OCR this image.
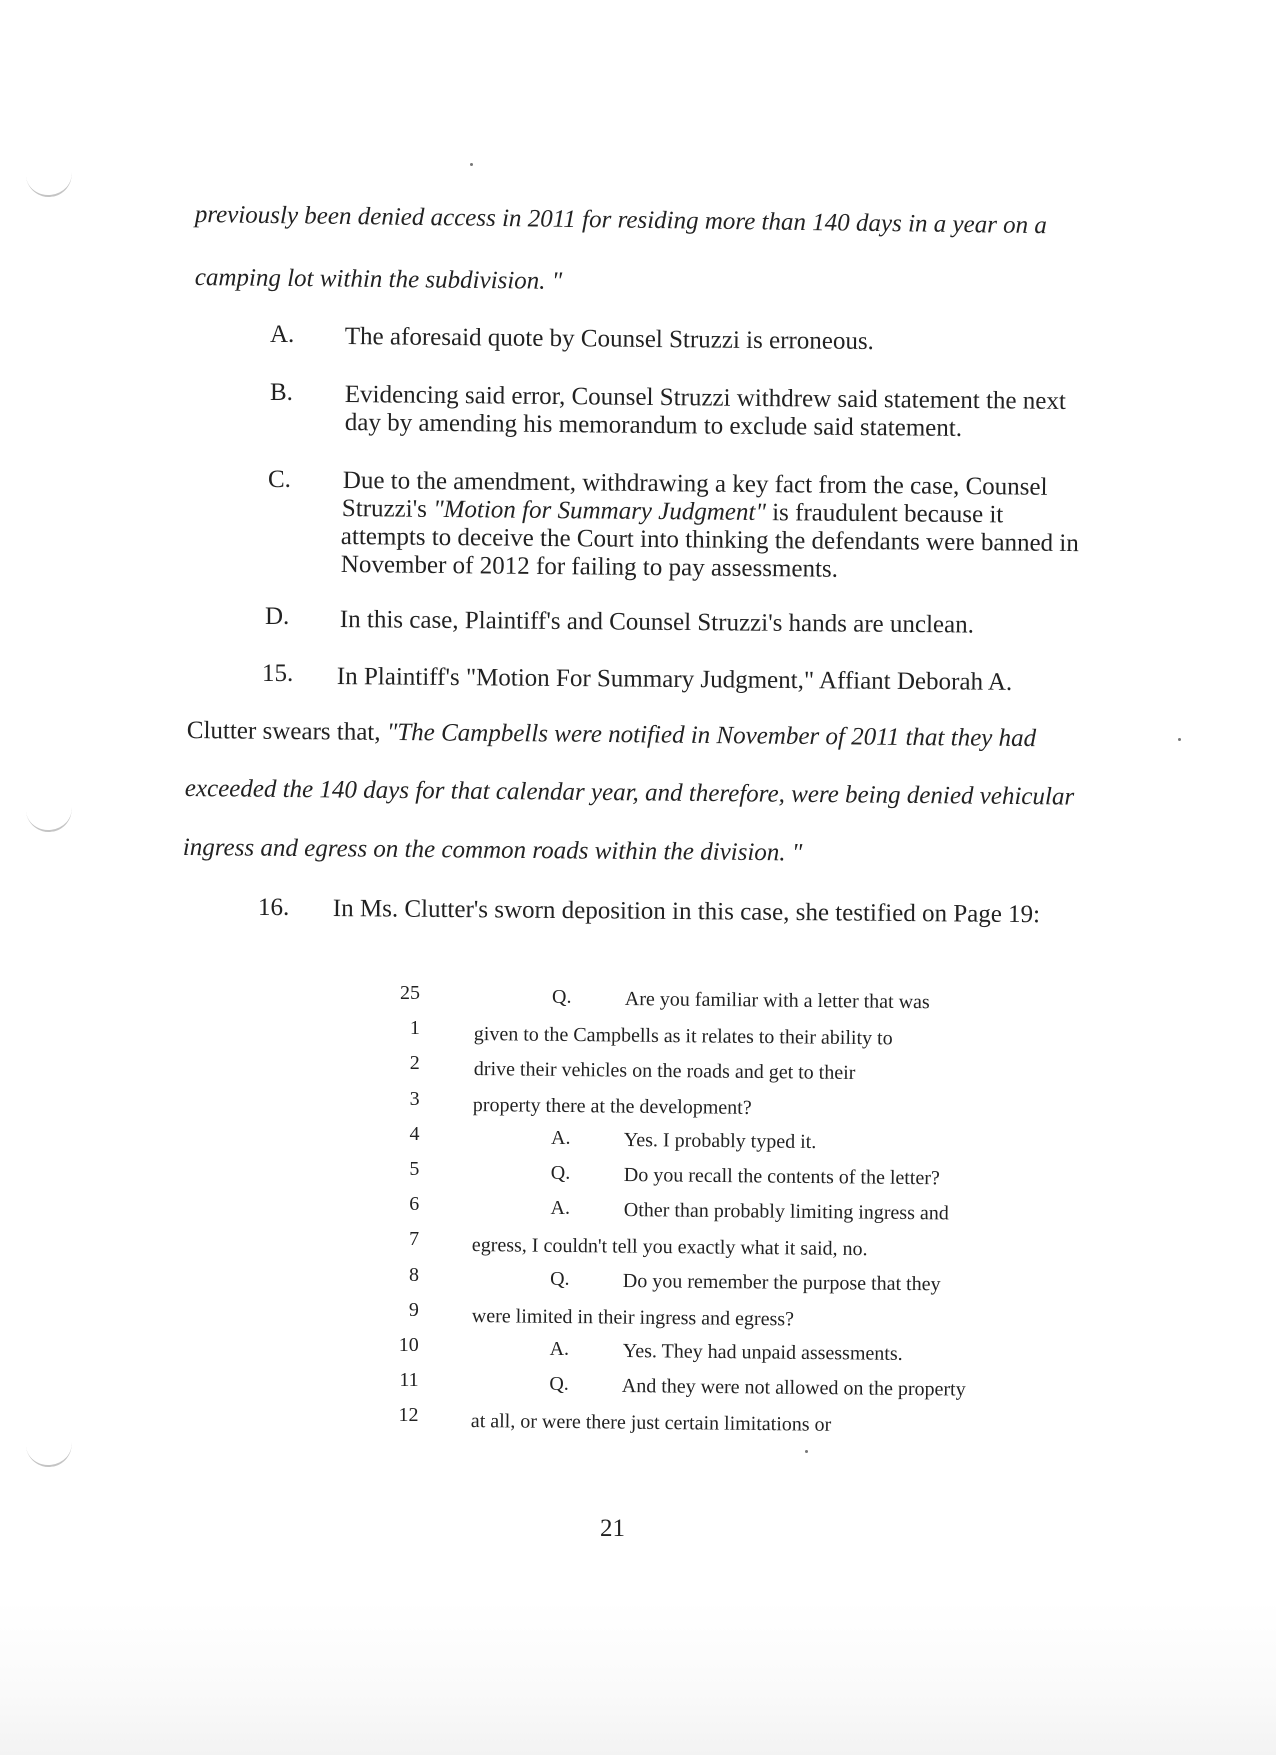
previously been denied access in 2011 for residing more than 140 days in a year on a
camping lot within the subdivision. "
A. The aforesaid quote by Counsel Struzzi is erroneous.
B. Evidencing said error, Counsel Struzzi withdrew said statement the next
day by amending his memorandum to exclude said statement.
C. Due to the amendment, withdrawing a key fact from the case, Counsel
Struzzi's "Motion for Summary Judgment" is fraudulent because it
attempts to deceive the Court into thinking the defendants were banned in
November of 2012 for failing to pay assessments.
D. In this case, Plaintiff's and Counsel Struzzi's hands are unclean.
15. In Plaintiff's "Motion For Summary Judgment," Affiant Deborah A.
Clutter swears that, "The Campbells were notified in November of 2011 that they had
exceeded the 140 days for that calendar year, and therefore, were being denied vehicular
ingress and egress on the common roads within the division. "
16. In Ms. Clutter's sworn deposition in this case, she testified on Page 19:
25	Q.	Are you familiar with a letter that was
1	given to the Campbells as it relates to their ability to
2	drive their vehicles on the roads and get to their
3	property there at the development?
4	A.	Yes. I probably typed it.
5	Q.	Do you recall the contents of the letter?
6	A.	Other than probably limiting ingress and
7	egress, I couldn't tell you exactly what it said, no.
8	Q.	Do you remember the purpose that they
9	were limited in their ingress and egress?
10	A.	Yes. They had unpaid assessments.
11	Q.	And they were not allowed on the property
12	at all, or were there just certain limitations or
21
